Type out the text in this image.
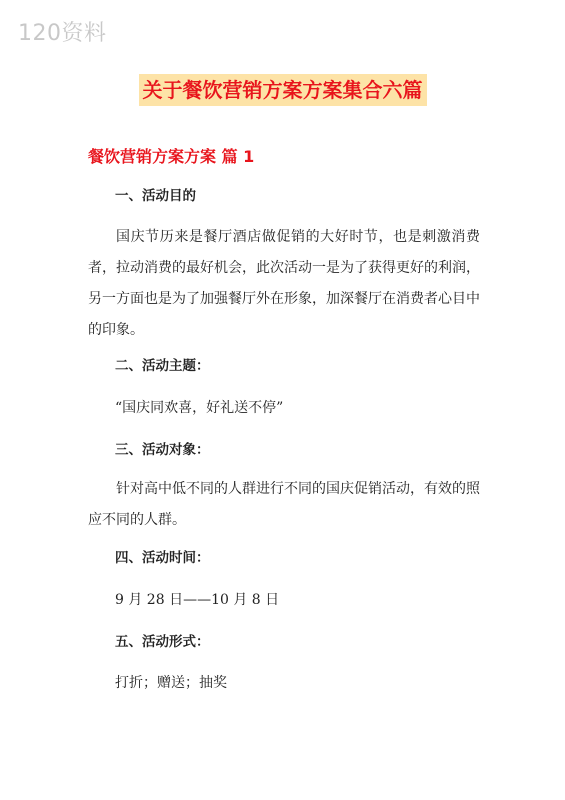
120资料
关于餐饮营销方案方案集合六篇
餐饮营销方案方案 篇 1
一、活动目的
国庆节历来是餐厅酒店做促销的大好时节，也是刺激消费者，拉动消费的最好机会，此次活动一是为了获得更好的利润，另一方面也是为了加强餐厅外在形象，加深餐厅在消费者心目中的印象。
二、活动主题：
“国庆同欢喜，好礼送不停”
三、活动对象：
针对高中低不同的人群进行不同的国庆促销活动，有效的照应不同的人群。
四、活动时间：
9 月 28 日——10 月 8 日
五、活动形式：
打折；赠送；抽奖
